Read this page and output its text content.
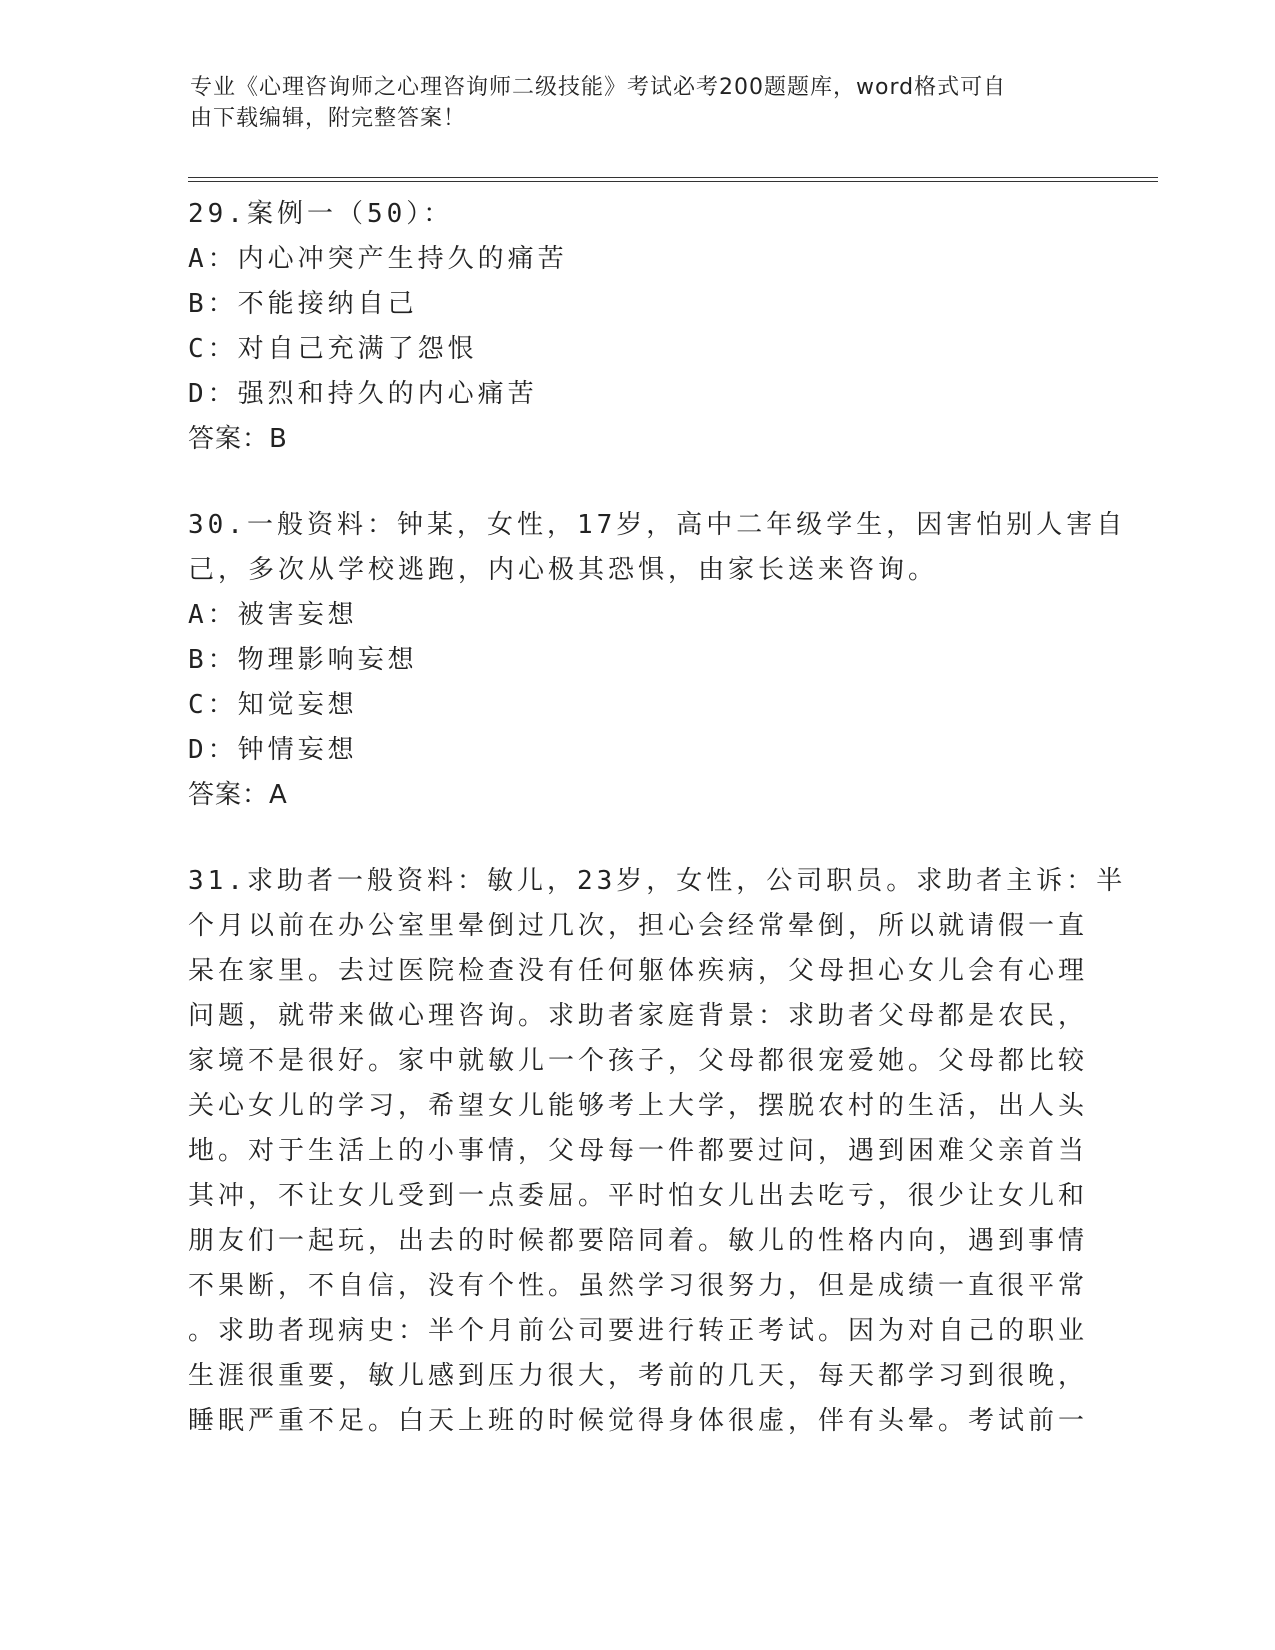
专业《心理咨询师之心理咨询师二级技能》考试必考200题题库，word格式可自
由下载编辑，附完整答案！

29.案例一（50）：

A：内心冲突产生持久的痛苦

B：不能接纳自己

C：对自己充满了怨恨

D：强烈和持久的内心痛苦

答案：B

30.一般资料：钟某，女性，17岁，高中二年级学生，因害怕别人害自
己，多次从学校逃跑，内心极其恐惧，由家长送来咨询。

A：被害妄想

B：物理影响妄想

C：知觉妄想

D：钟情妄想

答案：A

31.求助者一般资料：敏儿，23岁，女性，公司职员。求助者主诉：半
个月以前在办公室里晕倒过几次，担心会经常晕倒，所以就请假一直
呆在家里。去过医院检查没有任何躯体疾病，父母担心女儿会有心理
问题，就带来做心理咨询。求助者家庭背景：求助者父母都是农民，
家境不是很好。家中就敏儿一个孩子，父母都很宠爱她。父母都比较
关心女儿的学习，希望女儿能够考上大学，摆脱农村的生活，出人头
地。对于生活上的小事情，父母每一件都要过问，遇到困难父亲首当
其冲，不让女儿受到一点委屈。平时怕女儿出去吃亏，很少让女儿和
朋友们一起玩，出去的时候都要陪同着。敏儿的性格内向，遇到事情
不果断，不自信，没有个性。虽然学习很努力，但是成绩一直很平常
。求助者现病史：半个月前公司要进行转正考试。因为对自己的职业
生涯很重要，敏儿感到压力很大，考前的几天，每天都学习到很晚，
睡眠严重不足。白天上班的时候觉得身体很虚，伴有头晕。考试前一
